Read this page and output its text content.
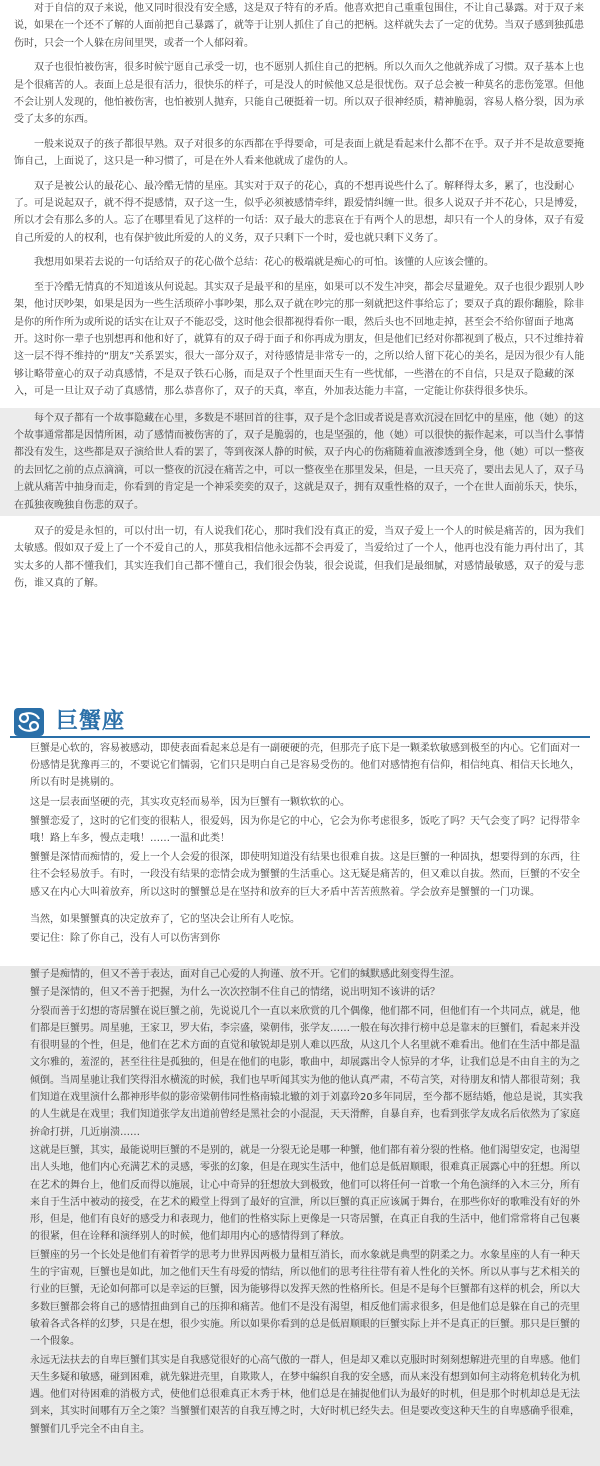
对于自信的双子来说，他又同时很没有安全感，这是双子特有的矛盾。他喜欢把自己重重包围住，不让自己暴露。对于双子来说，如果在一个还不了解的人面前把自己暴露了，就等于让别人抓住了自己的把柄。这样就失去了一定的优势。当双子感到独孤患伤时，只会一个人躲在房间里哭，或者一个人郁闷着。

双子也很怕被伤害，很多时候宁愿自己承受一切，也不愿别人抓住自己的把柄。所以久而久之他就养成了习惯。双子基本上也是个很痛苦的人。表面上总是很有活力，很快乐的样子，可是没人的时候他又总是很忧伤。双子总会被一种莫名的悲伤笼罩。但他不会让别人发现的，他怕被伤害，也怕被别人抛弃，只能自己硬挺着一切。所以双子很神经质，精神脆弱，容易人格分裂，因为承受了太多的东西。

一般来说双子的孩子都很早熟。双子对很多的东西都在乎得要命，可是表面上就是看起来什么都不在乎。双子并不是故意要掩饰自己，上面说了，这只是一种习惯了，可是在外人看来他就成了虚伪的人。

双子是被公认的最花心、最冷酷无情的星座。其实对于双子的花心，真的不想再说些什么了。解释得太多，累了，也没耐心了。可是说起双子，就不得不提感情，双子这一生，似乎必须被感情牵绊，跟爱情纠缠一世。很多人说双子并不花心，只是博爱，所以才会有那么多的人。忘了在哪里看见了这样的一句话：双子最大的悲哀在于有两个人的思想，却只有一个人的身体，双子有爱自己所爱的人的权利，也有保护彼此所爱的人的义务，双子只剩下一个时，爱也就只剩下义务了。

我想用如果若去说的一句话给双子的花心做个总结：花心的极端就是痴心的可怕。该懂的人应该会懂的。

至于冷酷无情真的不知道该从何说起。其实双子是最平和的星座，如果可以不发生冲突，都会尽量避免。双子也很少跟别人吵架，他讨厌吵架，如果是因为一些生活琐碎小事吵架，那么双子就在吵完的那一刻就把这件事给忘了；要双子真的跟你翻脸，除非是你的所作所为或所说的话实在让双子不能忍受，这时他会很都视得看你一眼，然后头也不回地走掉，甚至会不给你留面子地离开。这时你一辈子也别想再和他和好了，就算有的双子碍于面子和你再成为朋友，但是他们已经对你都视到了极点，只不过维持着这一层不得不维持的“朋友”关系罢实，很大一部分双子，对待感情是非常专一的，之所以给人留下花心的美名，是因为很少有人能够让略带童心的双子动真感情，不是双子铁石心肠，而是双子个性里面天生有一些忧郁，一些潜在的不自信，只是双子隐藏的深入，可是一旦让双子动了真感情，那么恭喜你了，双子的天真，率直，外加表达能力丰富，一定能让你获得很多快乐。

每个双子都有一个故事隐藏在心里，多数是不堪回首的往事，双子是个念旧或者说是喜欢沉浸在回忆中的星座，他（她）的这个故事通常都是因情所困，动了感情而被伤害的了，双子是脆弱的，也是坚强的，他（她）可以很快的振作起来，可以当什么事情都没有发生，这些都是双子演给世人看的罢了，等到夜深人静的时候，双子内心的伤痛随着血液渗透到全身，他（她）可以一整夜的去回忆之前的点点滴滴，可以一整夜的沉浸在痛苦之中，可以一整夜坐在那里发呆，但是，一旦天亮了，要出去见人了，双子马上就从痛苦中抽身而走，你看到的肯定是一个神采奕奕的双子，这就是双子，拥有双重性格的双子，一个在世人面前乐天，快乐，在孤独夜晚独自伤悲的双子。

双子的爱是永恒的，可以付出一切，有人说我们花心，那时我们没有真正的爱，当双子爱上一个人的时候是痛苦的，因为我们太敏感。假如双子爱上了一个不爱自己的人，那莫我相信他永远都不会再爱了，当爱给过了一个人，他再也没有能力再付出了，其实太多的人都不懂我们，其实连我们自己都不懂自己，我们很会伪装，很会说谎，但我们是最细腻，对感情最敏感，双子的爱与悲伤，谁又真的了解。

巨蟹座

巨蟹是心软的，容易被感动，即使表面看起来总是有一副硬硬的壳，但那壳子底下是一颗柔软敏感到极至的内心。它们面对一份感情是犹豫再三的，不要说它们懦弱，它们只是明白自己是容易受伤的。他们对感情抱有信仰，相信纯真、相信天长地久，所以有时是挑剔的。

这是一层表面坚硬的壳，其实攻克轻而易举，因为巨蟹有一颗软软的心。

蟹蟹恋爱了，这时的它们变的很粘人，很爱妈，因为你是它的中心，它会为你考虑很多，饭吃了吗？天气会变了吗？记得带伞哦！路上车多，慢点走哦！……一温和此类！

蟹蟹是深情而痴情的，爱上一个人会爱的很深，即使明知道没有结果也很难自拔。这是巨蟹的一种固执，想要得到的东西，往往不会轻易放手。有时，一段没有结果的恋情会成为蟹蟹的生活重心。这无疑是痛苦的，但又难以自拔。然而，巨蟹的不安全感又在内心大叫着放弃，所以这时的蟹蟹总是在坚持和放弃的巨大矛盾中苦苦煎熬着。学会放弃是蟹蟹的一门功课。

当然，如果蟹蟹真的决定放弃了，它的坚决会让所有人吃惊。

要记住：除了你自己，没有人可以伤害到你

蟹子是痴情的，但又不善于表达，面对自己心爱的人拘谨、放不开。它们的缄默感此刻变得生涩。

蟹子是深情的，但又不善于把握，为什么一次次控制不住自己的情绪，说出明知不该讲的话？

分裂而善于幻想的寄居蟹在说巨蟹之前，先说说几个一直以来欣赏的几个偶像，他们都不同，但他们有一个共同点，就是，他们都是巨蟹男。周星驰，王家卫，罗大佑，李宗盛，梁朝伟，张学友……一般在每次排行榜中总是靠末的巨蟹们，看起来并没有很明显的个性，但是，他们在艺术方面的直觉和敏锐却是别人难以匹敌，从这几个人名里就不难看出。他们在生活中都是温文尔雅的，羞涩的，甚至往往是孤独的，但是在他们的电影，歌曲中，却展露出令人惊异的才华，让我们总是不由自主的为之倾倒。当周星驰让我们笑得泪水横流的时候，我们也早听闻其实为他的他认真严肃，不苟言笑，对待朋友和情人都很苛刻；我们知道在戏里演什么都神形毕似的影帝梁朝伟同性格南辕北辙的刘于刘嘉玲20多年同居，至今都不愿结婚，他总是说，其实我的人生就是在戏里；我们知道张学友出道前曾经是黑社会的小混混，天天滑醉，自暴自弃，也看到张学友成名后依然为了家庭拚命打拼，几近崩溃……

这就是巨蟹，其实，最能说明巨蟹的不是别的，就是一分裂无论是哪一种蟹，他们都有着分裂的性格。他们渴望安定，也渴望出人头地，他们内心充满艺术的灵感，零张的幻象，但是在现实生活中，他们总是低眉顺眼，很难真正展露心中的狂想。所以在艺术的舞台上，他们反而得以施展，让心中奇异的狂想放大到极致，他们可以将任何一首歌一个角色演绎的入木三分，所有来自于生活中被动的接受，在艺术的殿堂上得到了最好的宣泄，所以巨蟹的真正应该属于舞台，在那些你好的歌唯没有好的外形，但是，他们有良好的感受力和表现力，他们的性格实际上更像是一只寄居蟹，在真正自我的生活中，他们常常将自己包裹的很紧，但在诠释和演绎别人的时候，他们却用内心的感情得到了释放。

巨蟹座的另一个长处是他们有着哲学的思考力世界因两极力量相互消长，而水象就是典型的阴柔之力。水象星座的人有一种天生的宇宙观，巨蟹也是如此，加之他们天生有母爱的情结，所以他们的思考往往带有着人性化的关怀。所以从事与艺术相关的行业的巨蟹，无论如何都可以是幸运的巨蟹，因为能够得以发挥天然的性格所长。但是不是每个巨蟹都有这样的机会，所以大多数巨蟹都会将自己的感情扭曲到自己的压抑和痛苦。他们不是没有渴望，相反他们需求很多，但是他们总是躲在自己的壳里敏着各式各样的幻梦，只是在想，很少实施。所以如果你看到的总是低眉顺眼的巨蟹实际上并不是真正的巨蟹。那只是巨蟹的一个假象。

永远无法扶去的自卑巨蟹们其实是自我感觉很好的心高气傲的一群人，但是却又难以克服时时刻刻想解进壳里的自卑感。他们天生多疑和敏感，碰到困难，就先躲进壳里，自欺欺人，在梦中编织自我的安全感，而从来没有想到如何主动将危机转化为机遇。他们对待困难的消极方式，使他们总很难真正木秀于林，他们总是在捕捉他们认为最好的时机，但是那个时机却总是无法到来，其实时间哪有万全之策？当蟹蟹们艰苦的自我互博之时，大好时机已经失去。但是要改变这种天生的自卑感确乎很难，蟹蟹们几乎完全不由自主。
